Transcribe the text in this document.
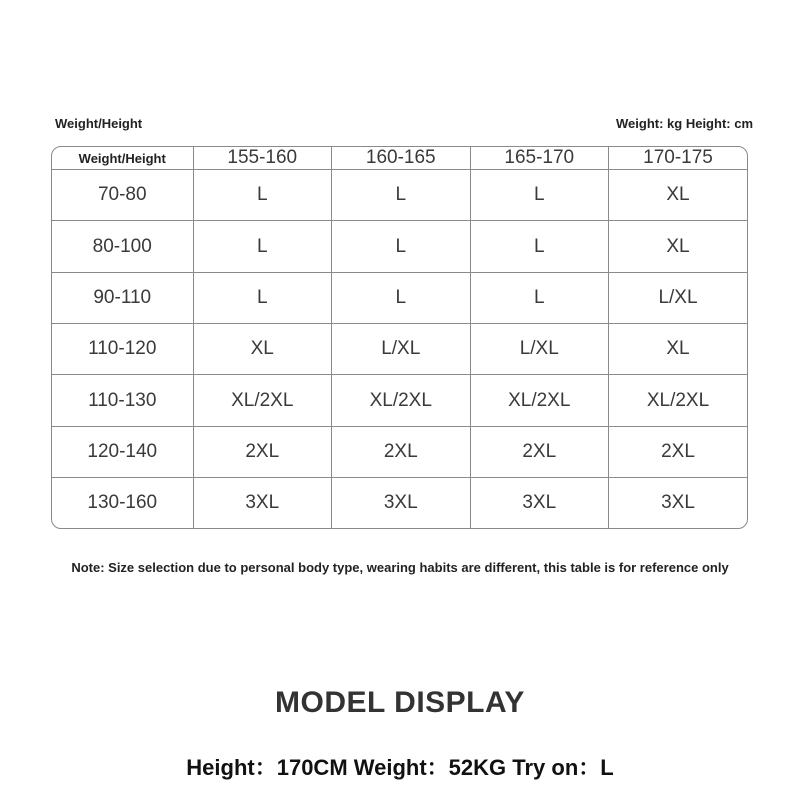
Weight/Height	Weight: kg Height: cm
Weight/Height	155-160	160-165	165-170	170-175
70-80	L	L	L	XL
80-100	L	L	L	XL
90-110	L	L	L	L/XL
110-120	XL	L/XL	L/XL	XL
110-130	XL/2XL	XL/2XL	XL/2XL	XL/2XL
120-140	2XL	2XL	2XL	2XL
130-160	3XL	3XL	3XL	3XL
Note: Size selection due to personal body type, wearing habits are different, this table is for reference only
MODEL DISPLAY
Height：170CM Weight：52KG Try on：L
